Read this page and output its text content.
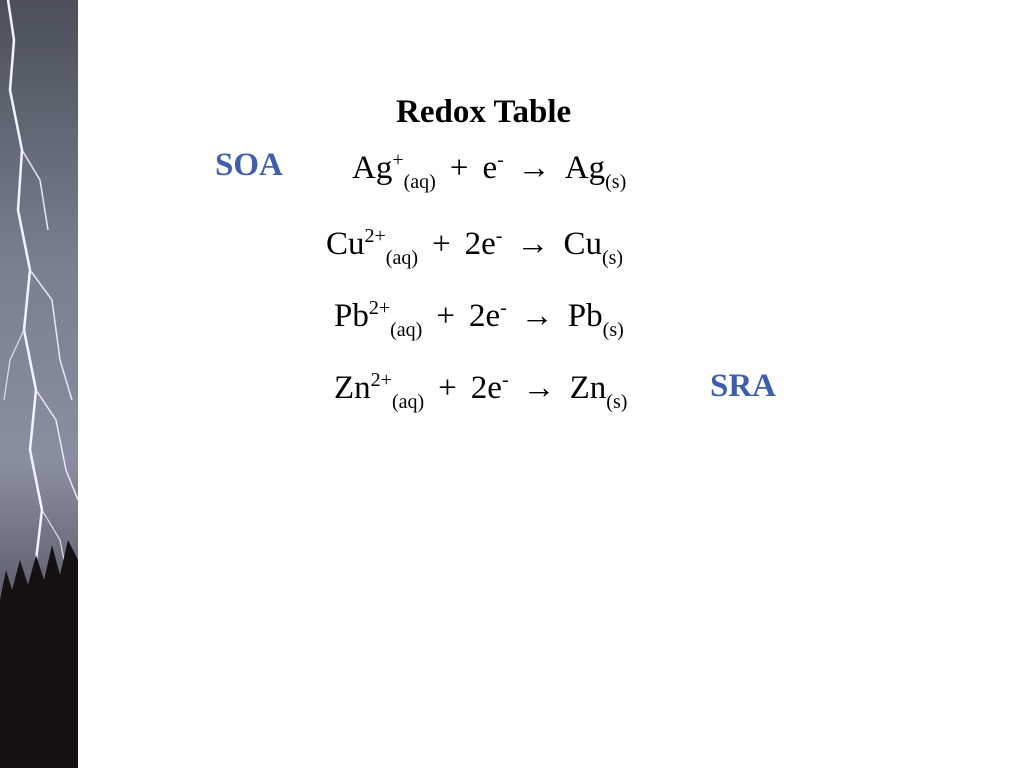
Redox Table
SOA
SRA
$Ag^+_{(aq)} + e^- \to Ag_{(s)}$
$Cu^{2+}_{(aq)} + 2e^- \to Cu_{(s)}$
$Pb^{2+}_{(aq)} + 2e^- \to Pb_{(s)}$
$Zn^{2+}_{(aq)} + 2e^- \to Zn_{(s)}$
